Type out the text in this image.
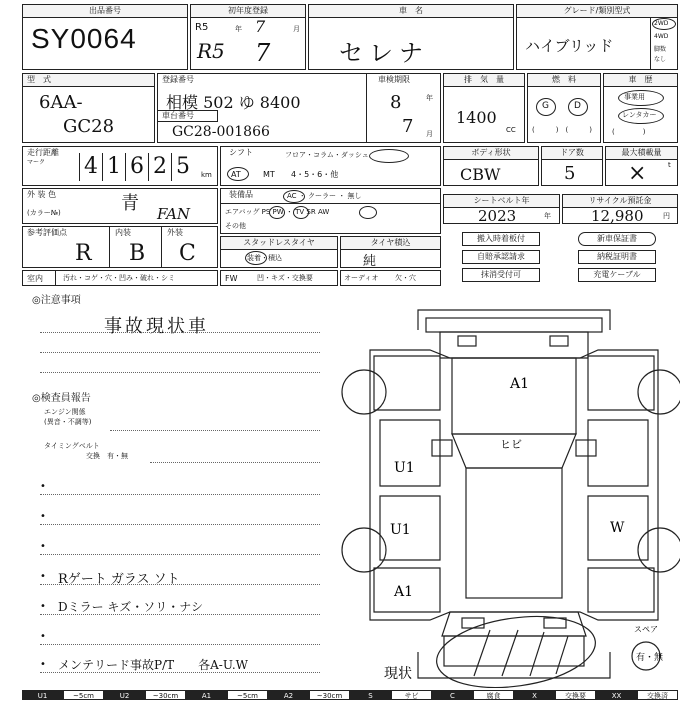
出品番号
SY0064
初年度登録
R5	年	月
R5 7
7
車　名
セレナ
グレード/類別型式
ハイブリッド
2WD
4WD
脚数
なし
型　式
6AA-
GC28
登録番号
相模 502 ゆ 8400
車台番号
GC28-001866
車検期限
8	年
7 月
排　気　量
1400
CC
燃　料
G	D
(　　　)　(　　　)
車　歴
事業用
レンタカー
(　　　　)
走行距離
マーク 4 1 6 2 5	km
シフト	フロア・コラム・ダッシュ
AT	MT 4・5・6・他
ボディ形状
CBW
ドア数
5
最大積載量
×	t
外 装 色
(カラー№)	青 FAN
装備品	AC ・ クーラー ・ 無し
エアバッグ PS PW ・ TV SR AW
その他
シートベルト年
2023	年
リサイクル預託金
12,980	円
参考評価点	内装	外装
R B C	スタッドレスタイヤ
装着・積込
タイヤ積込
純
搬入時着板付	新車保証書
自賠承認請求	納税証明書
抹消受付可	充電ケーブル
室内	汚れ・コゲ・穴・凹み・破れ・シミ	FW	凹・キズ・交換要	オーディオ 欠・穴
◎注意事項
事故現状車
◎検査員報告
エンジン関係
(異音・不調等)
タイミングベルト
交換　有・無
•
•
•
• Rゲート ガラス ソト
• Dミラー キズ・ソリ・ナシ
•
• メンテリード事故P/T　　各A-U.W
A1
ヒビ
U1
U1	W
A1
現状
スペア
有・無
U1	~5cm	U2	~30cm	A1	~5cm	A2	~30cm	S	サビ	C	腐食	X	交換要	XX	交換済
